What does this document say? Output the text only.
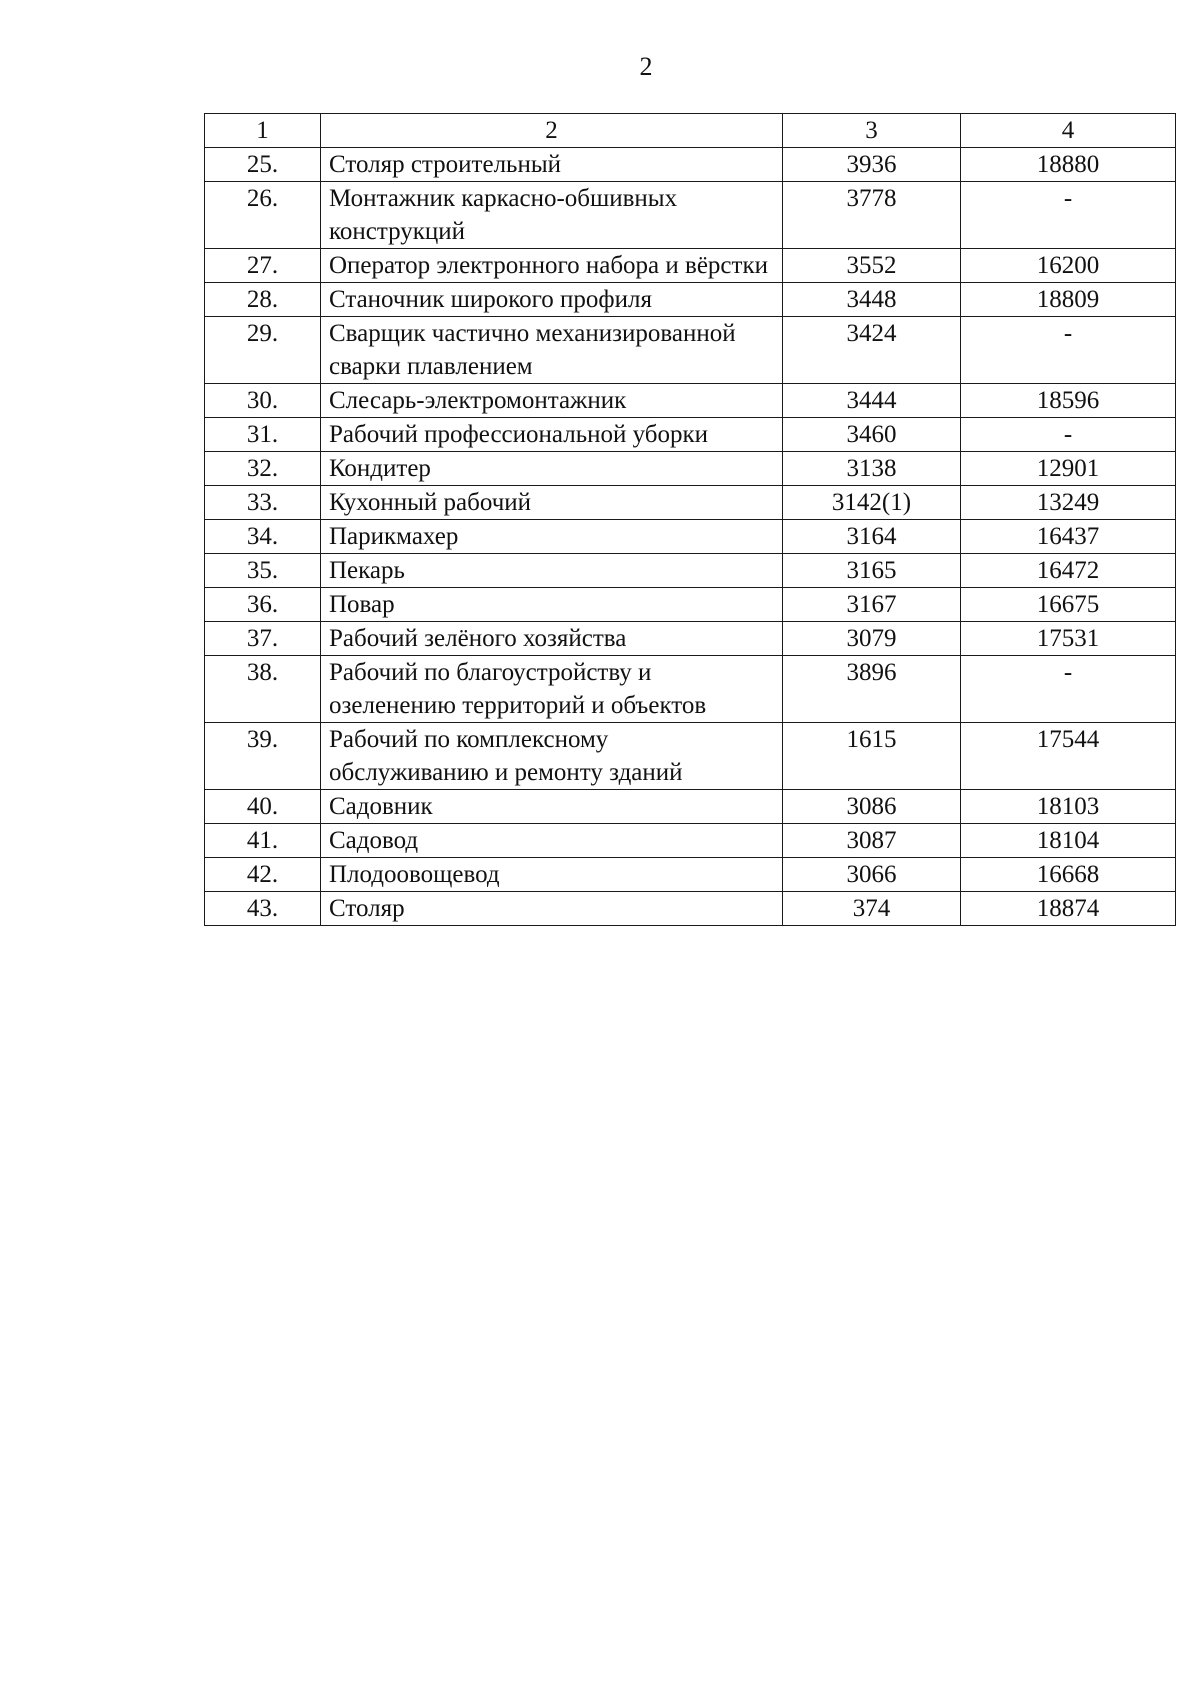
2
1	2	3	4
25.	Столяр строительный	3936	18880
26.	Монтажник каркасно-обшивных конструкций	3778	-
27.	Оператор электронного набора и вёрстки	3552	16200
28.	Станочник широкого профиля	3448	18809
29.	Сварщик частично механизированной сварки плавлением	3424	-
30.	Слесарь-электромонтажник	3444	18596
31.	Рабочий профессиональной уборки	3460	-
32.	Кондитер	3138	12901
33.	Кухонный рабочий	3142(1)	13249
34.	Парикмахер	3164	16437
35.	Пекарь	3165	16472
36.	Повар	3167	16675
37.	Рабочий зелёного хозяйства	3079	17531
38.	Рабочий по благоустройству и озеленению территорий и объектов	3896	-
39.	Рабочий по комплексному обслуживанию и ремонту зданий	1615	17544
40.	Садовник	3086	18103
41.	Садовод	3087	18104
42.	Плодоовощевод	3066	16668
43.	Столяр	374	18874
